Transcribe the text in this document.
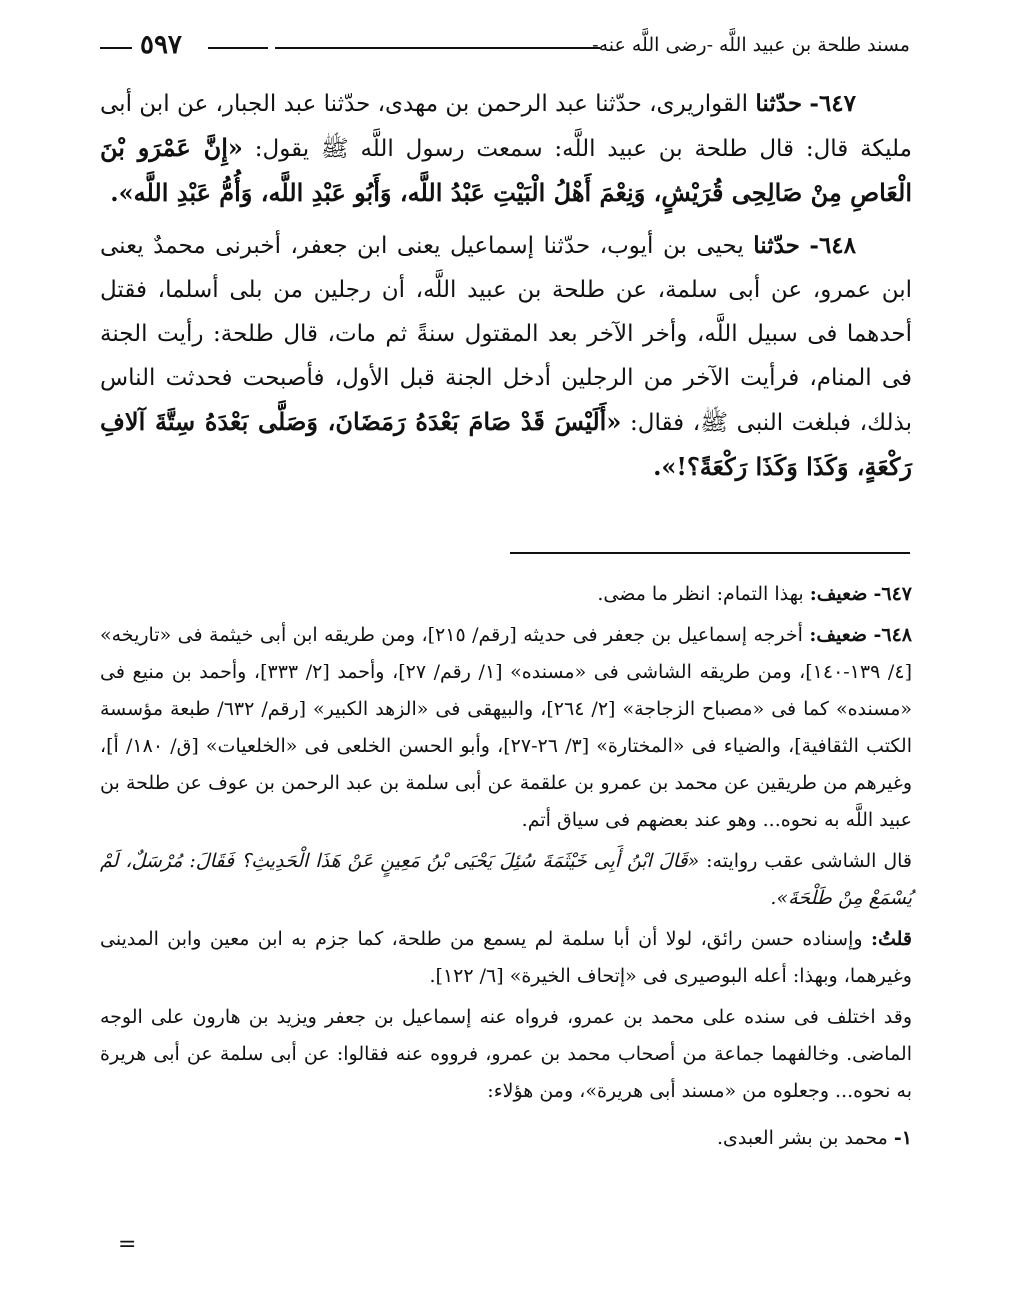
مسند طلحة بن عبيد اللَّه -رضى اللَّه عنه-
٥٩٧

٦٤٧- حدّثنا القواريرى، حدّثنا عبد الرحمن بن مهدى، حدّثنا عبد الجبار، عن ابن أبى مليكة قال: قال طلحة بن عبيد اللَّه: سمعت رسول اللَّه ﷺ يقول: «إِنَّ عَمْرَو بْنَ الْعَاصِ مِنْ صَالِحِى قُرَيْشٍ، وَنِعْمَ أَهْلُ الْبَيْتِ عَبْدُ اللَّه، وَأَبُو عَبْدِ اللَّه، وَأُمُّ عَبْدِ اللَّه».

٦٤٨- حدّثنا يحيى بن أيوب، حدّثنا إسماعيل يعنى ابن جعفر، أخبرنى محمدٌ يعنى ابن عمرو، عن أبى سلمة، عن طلحة بن عبيد اللَّه، أن رجلين من بلى أسلما، فقتل أحدهما فى سبيل اللَّه، وأخر الآخر بعد المقتول سنةً ثم مات، قال طلحة: رأيت الجنة فى المنام، فرأيت الآخر من الرجلين أدخل الجنة قبل الأول، فأصبحت فحدثت الناس بذلك، فبلغت النبى ﷺ، فقال: «أَلَيْسَ قَدْ صَامَ بَعْدَهُ رَمَضَانَ، وَصَلَّى بَعْدَهُ سِتَّةَ آلافِ رَكْعَةٍ، وَكَذَا وَكَذَا رَكْعَةً؟!».

٦٤٧- ضعيف: بهذا التمام: انظر ما مضى.

٦٤٨- ضعيف: أخرجه إسماعيل بن جعفر فى حديثه [رقم/ ٢١٥]، ومن طريقه ابن أبى خيثمة فى «تاريخه» [٤/ ١٣٩-١٤٠]، ومن طريقه الشاشى فى «مسنده» [١/ رقم/ ٢٧]، وأحمد [٢/ ٣٣٣]، وأحمد بن منيع فى «مسنده» كما فى «مصباح الزجاجة» [٢/ ٢٦٤]، والبيهقى فى «الزهد الكبير» [رقم/ ٦٣٢/ طبعة مؤسسة الكتب الثقافية]، والضياء فى «المختارة» [٣/ ٢٦-٢٧]، وأبو الحسن الخلعى فى «الخلعيات» [ق/ ١٨٠/ أ]، وغيرهم من طريقين عن محمد بن عمرو بن علقمة عن أبى سلمة بن عبد الرحمن بن عوف عن طلحة بن عبيد اللَّه به نحوه... وهو عند بعضهم فى سياق أتم.

قال الشاشى عقب روايته: «قَالَ ابْنُ أَبِى خَيْثَمَةَ سُئِلَ يَحْيَى بْنُ مَعِينٍ عَنْ هَذَا الْحَدِيثِ؟ فَقَالَ: مُرْسَلٌ، لَمْ يُسْمَعْ مِنْ طَلْحَةَ».

قلتُ: وإسناده حسن رائق، لولا أن أبا سلمة لم يسمع من طلحة، كما جزم به ابن معين وابن المدينى وغيرهما، وبهذا: أعله البوصيرى فى «إتحاف الخيرة» [٦/ ١٢٢].

وقد اختلف فى سنده على محمد بن عمرو، فرواه عنه إسماعيل بن جعفر ويزيد بن هارون على الوجه الماضى. وخالفهما جماعة من أصحاب محمد بن عمرو، فرووه عنه فقالوا: عن أبى سلمة عن أبى هريرة به نحوه... وجعلوه من «مسند أبى هريرة»، ومن هؤلاء:

١- محمد بن بشر العبدى.

=
